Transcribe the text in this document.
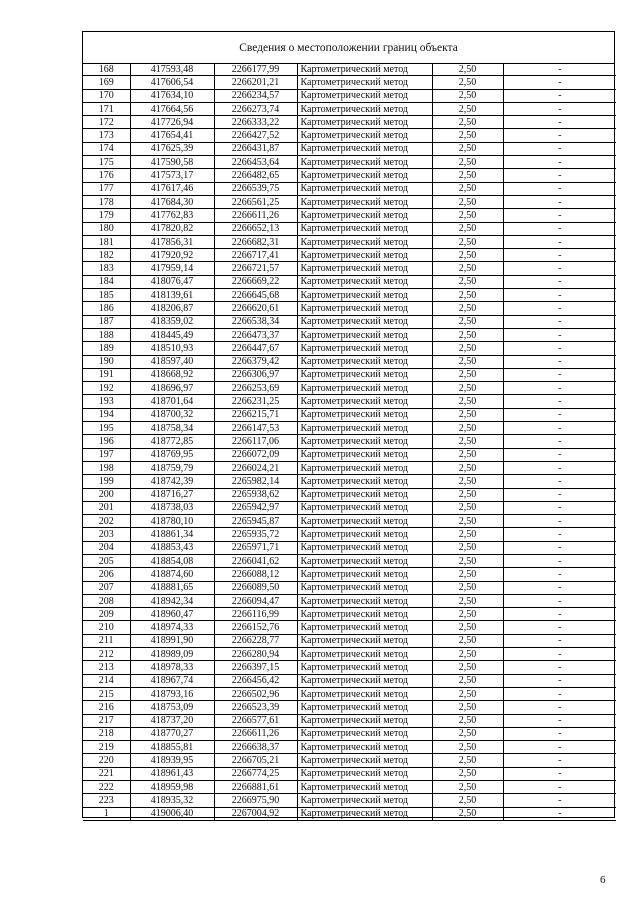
Сведения о местоположении границ объекта
168	417593,48	2266177,99	Картометрический метод	2,50	-
169	417606,54	2266201,21	Картометрический метод	2,50	-
170	417634,10	2266234,57	Картометрический метод	2,50	-
171	417664,56	2266273,74	Картометрический метод	2,50	-
172	417726,94	2266333,22	Картометрический метод	2,50	-
173	417654,41	2266427,52	Картометрический метод	2,50	-
174	417625,39	2266431,87	Картометрический метод	2,50	-
175	417590,58	2266453,64	Картометрический метод	2,50	-
176	417573,17	2266482,65	Картометрический метод	2,50	-
177	417617,46	2266539,75	Картометрический метод	2,50	-
178	417684,30	2266561,25	Картометрический метод	2,50	-
179	417762,83	2266611,26	Картометрический метод	2,50	-
180	417820,82	2266652,13	Картометрический метод	2,50	-
181	417856,31	2266682,31	Картометрический метод	2,50	-
182	417920,92	2266717,41	Картометрический метод	2,50	-
183	417959,14	2266721,57	Картометрический метод	2,50	-
184	418076,47	2266669,22	Картометрический метод	2,50	-
185	418139,61	2266645,68	Картометрический метод	2,50	-
186	418206,87	2266620,61	Картометрический метод	2,50	-
187	418359,02	2266538,34	Картометрический метод	2,50	-
188	418445,49	2266473,37	Картометрический метод	2,50	-
189	418510,93	2266447,67	Картометрический метод	2,50	-
190	418597,40	2266379,42	Картометрический метод	2,50	-
191	418668,92	2266306,97	Картометрический метод	2,50	-
192	418696,97	2266253,69	Картометрический метод	2,50	-
193	418701,64	2266231,25	Картометрический метод	2,50	-
194	418700,32	2266215,71	Картометрический метод	2,50	-
195	418758,34	2266147,53	Картометрический метод	2,50	-
196	418772,85	2266117,06	Картометрический метод	2,50	-
197	418769,95	2266072,09	Картометрический метод	2,50	-
198	418759,79	2266024,21	Картометрический метод	2,50	-
199	418742,39	2265982,14	Картометрический метод	2,50	-
200	418716,27	2265938,62	Картометрический метод	2,50	-
201	418738,03	2265942,97	Картометрический метод	2,50	-
202	418780,10	2265945,87	Картометрический метод	2,50	-
203	418861,34	2265935,72	Картометрический метод	2,50	-
204	418853,43	2265971,71	Картометрический метод	2,50	-
205	418854,08	2266041,62	Картометрический метод	2,50	-
206	418874,60	2266088,12	Картометрический метод	2,50	-
207	418881,65	2266089,50	Картометрический метод	2,50	-
208	418942,34	2266094,47	Картометрический метод	2,50	-
209	418960,47	2266116,99	Картометрический метод	2,50	-
210	418974,33	2266152,76	Картометрический метод	2,50	-
211	418991,90	2266228,77	Картометрический метод	2,50	-
212	418989,09	2266280,94	Картометрический метод	2,50	-
213	418978,33	2266397,15	Картометрический метод	2,50	-
214	418967,74	2266456,42	Картометрический метод	2,50	-
215	418793,16	2266502,96	Картометрический метод	2,50	-
216	418753,09	2266523,39	Картометрический метод	2,50	-
217	418737,20	2266577,61	Картометрический метод	2,50	-
218	418770,27	2266611,26	Картометрический метод	2,50	-
219	418855,81	2266638,37	Картометрический метод	2,50	-
220	418939,95	2266705,21	Картометрический метод	2,50	-
221	418961,43	2266774,25	Картометрический метод	2,50	-
222	418959,98	2266881,61	Картометрический метод	2,50	-
223	418935,32	2266975,90	Картометрический метод	2,50	-
1	419006,40	2267004,92	Картометрический метод	2,50	-
6
